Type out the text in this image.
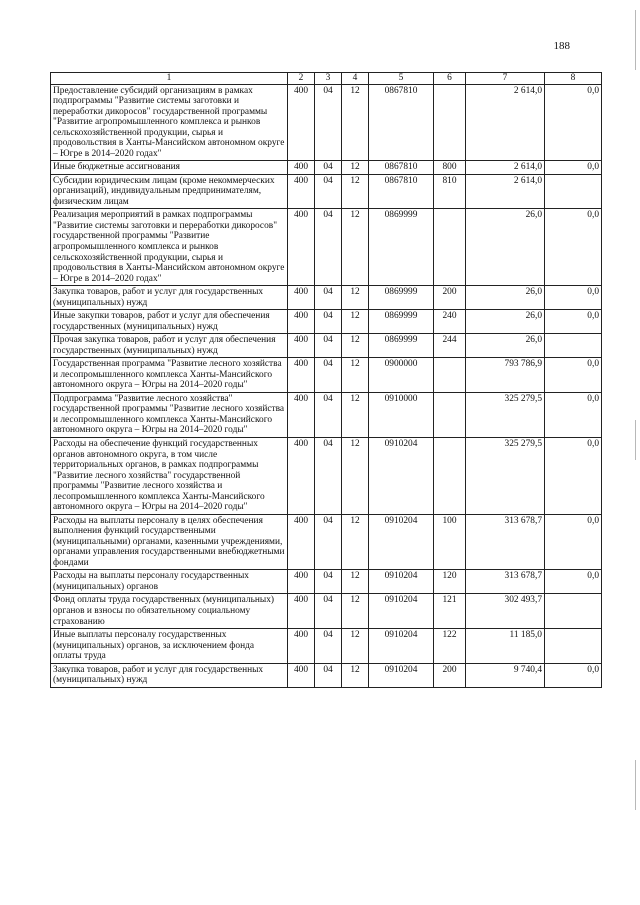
188
1	2	3	4	5	6	7	8
Предоставление субсидий организациям в рамках подпрограммы "Развитие системы заготовки и переработки дикоросов" государственной программы "Развитие агропромышленного комплекса и рынков сельскохозяйственной продукции, сырья и продовольствия в Ханты-Мансийском автономном округе – Югре в 2014–2020 годах"	400	04	12	0867810		2 614,0	0,0
Иные бюджетные ассигнования	400	04	12	0867810	800	2 614,0	0,0
Субсидии юридическим лицам (кроме некоммерческих организаций), индивидуальным предпринимателям, физическим лицам	400	04	12	0867810	810	2 614,0	
Реализация мероприятий в рамках подпрограммы "Развитие системы заготовки и переработки дикоросов" государственной программы "Развитие агропромышленного комплекса и рынков сельскохозяйственной продукции, сырья и продовольствия в Ханты-Мансийском автономном округе – Югре в 2014–2020 годах"	400	04	12	0869999		26,0	0,0
Закупка товаров, работ и услуг для государственных (муниципальных) нужд	400	04	12	0869999	200	26,0	0,0
Иные закупки товаров, работ и услуг для обеспечения государственных (муниципальных) нужд	400	04	12	0869999	240	26,0	0,0
Прочая закупка товаров, работ и услуг для обеспечения государственных (муниципальных) нужд	400	04	12	0869999	244	26,0	
Государственная программа "Развитие лесного хозяйства и лесопромышленного комплекса Ханты-Мансийского автономного округа – Югры на 2014–2020 годы"	400	04	12	0900000		793 786,9	0,0
Подпрограмма "Развитие лесного хозяйства" государственной программы "Развитие лесного хозяйства и лесопромышленного комплекса Ханты-Мансийского автономного округа – Югры на 2014–2020 годы"	400	04	12	0910000		325 279,5	0,0
Расходы на обеспечение функций государственных органов автономного округа, в том числе территориальных органов, в рамках подпрограммы "Развитие лесного хозяйства" государственной программы "Развитие лесного хозяйства и лесопромышленного комплекса Ханты-Мансийского автономного округа – Югры на 2014–2020 годы"	400	04	12	0910204		325 279,5	0,0
Расходы на выплаты персоналу в целях обеспечения выполнения функций государственными (муниципальными) органами, казенными учреждениями, органами управления государственными внебюджетными фондами	400	04	12	0910204	100	313 678,7	0,0
Расходы на выплаты персоналу государственных (муниципальных) органов	400	04	12	0910204	120	313 678,7	0,0
Фонд оплаты труда государственных (муниципальных) органов и взносы по обязательному социальному страхованию	400	04	12	0910204	121	302 493,7	
Иные выплаты персоналу государственных (муниципальных) органов, за исключением фонда оплаты труда	400	04	12	0910204	122	11 185,0	
Закупка товаров, работ и услуг для государственных (муниципальных) нужд	400	04	12	0910204	200	9 740,4	0,0
